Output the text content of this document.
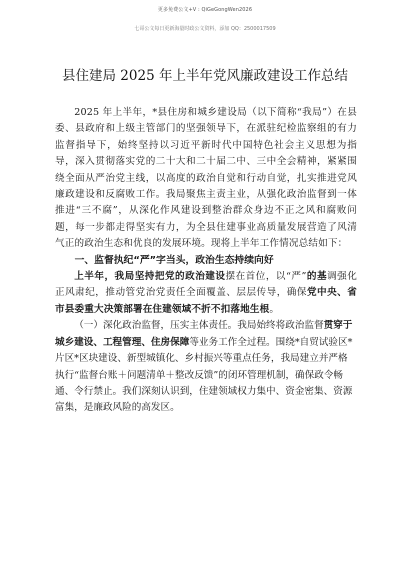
更多免费公文+V : QiGeGongWen2026
七哥公文每日更新海量时政公文资料，添加 QQ：2500017509
县住建局 2025 年上半年党风廉政建设工作总结

2025 年上半年，*县住房和城乡建设局（以下简称“我局”）在县委、县政府和上级主管部门的坚强领导下，在派驻纪检监察组的有力监督指导下，始终坚持以习近平新时代中国特色社会主义思想为指导，深入贯彻落实党的二十大和二十届二中、三中全会精神，紧紧围绕全面从严治党主线，以高度的政治自觉和行动自觉，扎实推进党风廉政建设和反腐败工作。我局聚焦主责主业，从强化政治监督到一体推进“三不腐”，从深化作风建设到整治群众身边不正之风和腐败问题，每一步都走得坚实有力，为全县住建事业高质量发展营造了风清气正的政治生态和优良的发展环境。现将上半年工作情况总结如下：

一、监督执纪“严”字当头，政治生态持续向好

上半年，我局坚持把党的政治建设摆在首位，以“严”的基调强化正风肃纪，推动管党治党责任全面覆盖、层层传导，确保党中央、省市县委重大决策部署在住建领域不折不扣落地生根。

（一）深化政治监督，压实主体责任。我局始终将政治监督贯穿于城乡建设、工程管理、住房保障等业务工作全过程。围绕*自贸试验区*片区*区块建设、新型城镇化、乡村振兴等重点任务，我局建立并严格执行“监督台账＋问题清单＋整改反馈”的闭环管理机制，确保政令畅通、令行禁止。我们深刻认识到，住建领域权力集中、资金密集、资源富集，是廉政风险的高发区。
